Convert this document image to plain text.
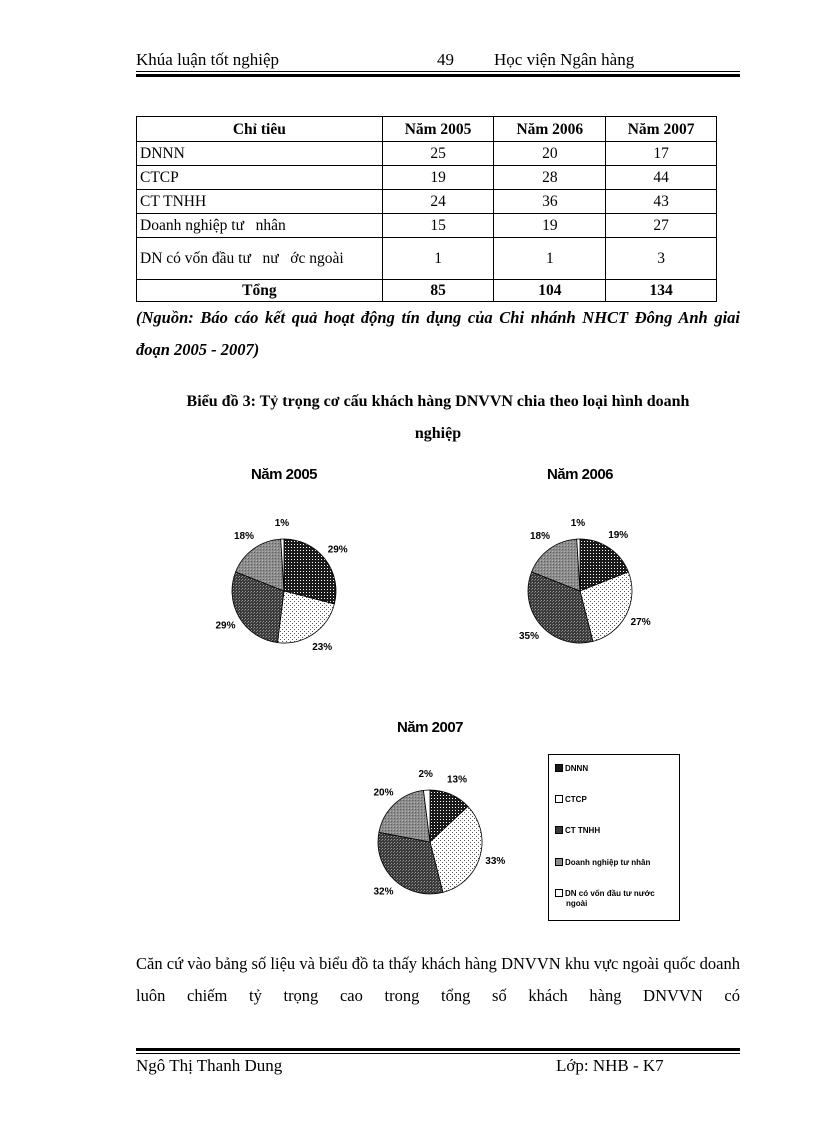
Khúa luận tốt nghiệp	49 Học viện Ngân hàng
Chỉ tiêu	Năm 2005	Năm 2006	Năm 2007
DNNN	25	20	17
CTCP	19	28	44
CT TNHH	24	36	43
Doanh nghiệp tư   nhân	15	19	27
DN có vốn đầu tư   nư   ớc ngoài	1	1	3
Tổng	85	104	134
(Nguồn: Báo cáo kết quả hoạt động tín dụng của Chi nhánh NHCT Đông Anh giai đoạn 2005 - 2007)
Biểu đồ 3: Tỷ trọng cơ cấu khách hàng DNVVN chia theo loại hình doanh
nghiệp
Năm 2005	Năm 2006
Năm 2007
29%
23%
29%
18%
1%
19%
27%
35%
18%
1%
13%
33%
32%
20%
2%
DNNN
CTCP
CT TNHH
Doanh nghiệp tư nhân
DN có vốn đầu tư nước ngoài
Căn cứ vào bảng số liệu và biểu đồ ta thấy khách hàng DNVVN khu vực ngoài quốc doanh luôn chiếm tỷ trọng cao trong tổng số khách hàng DNVVN có
Ngô Thị Thanh Dung	Lớp: NHB - K7
